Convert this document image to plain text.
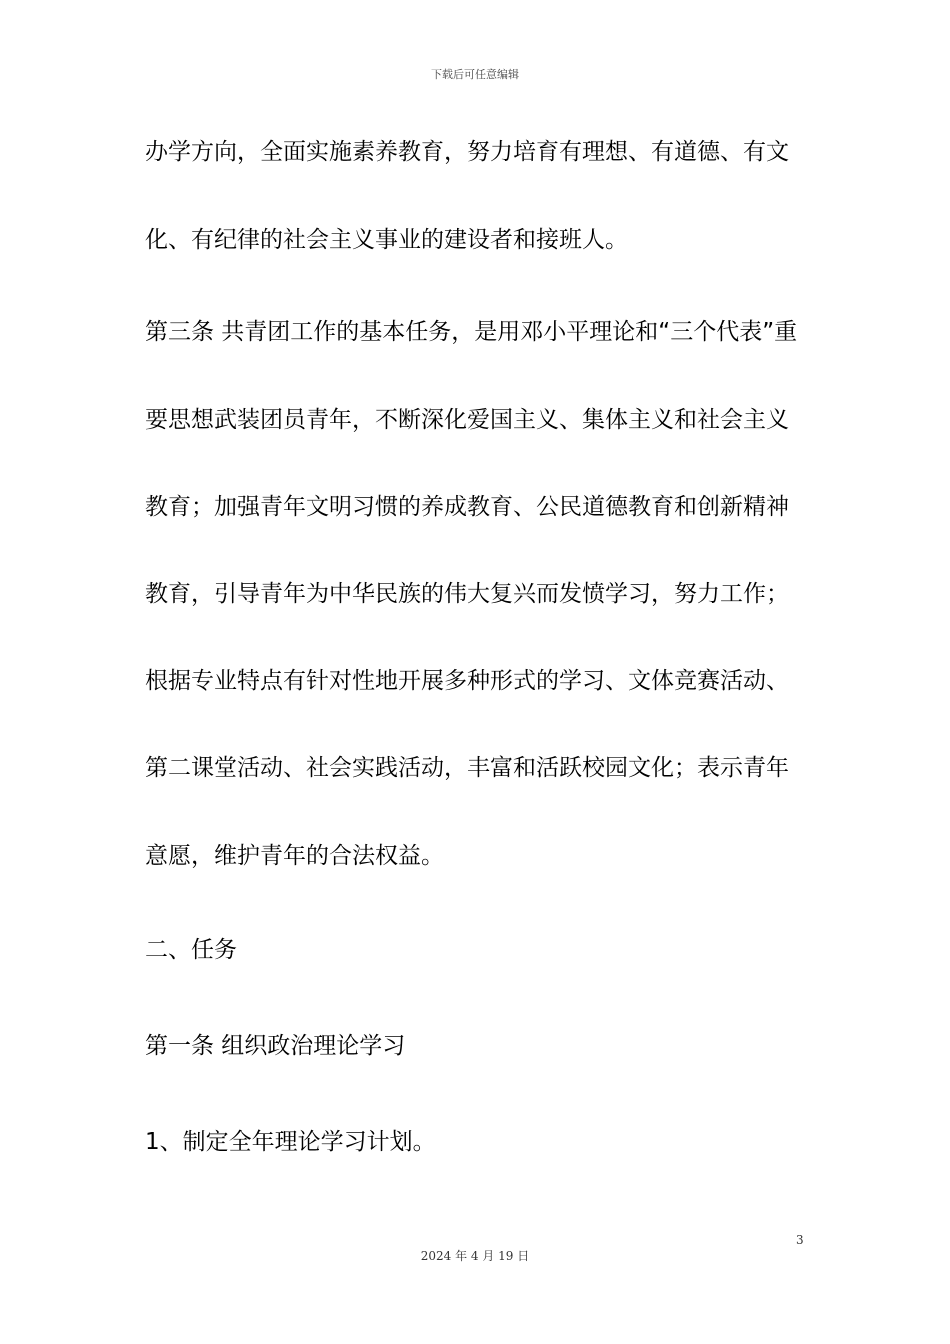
下载后可任意编辑
办学方向，全面实施素养教育，努力培育有理想、有道德、有文
化、有纪律的社会主义事业的建设者和接班人。
第三条 共青团工作的基本任务，是用邓小平理论和“三个代表”重
要思想武装团员青年，不断深化爱国主义、集体主义和社会主义
教育；加强青年文明习惯的养成教育、公民道德教育和创新精神
教育，引导青年为中华民族的伟大复兴而发愤学习，努力工作；
根据专业特点有针对性地开展多种形式的学习、文体竞赛活动、
第二课堂活动、社会实践活动，丰富和活跃校园文化；表示青年
意愿，维护青年的合法权益。
二、任务
第一条 组织政治理论学习
1、制定全年理论学习计划。
3
2024 年 4 月 19 日
